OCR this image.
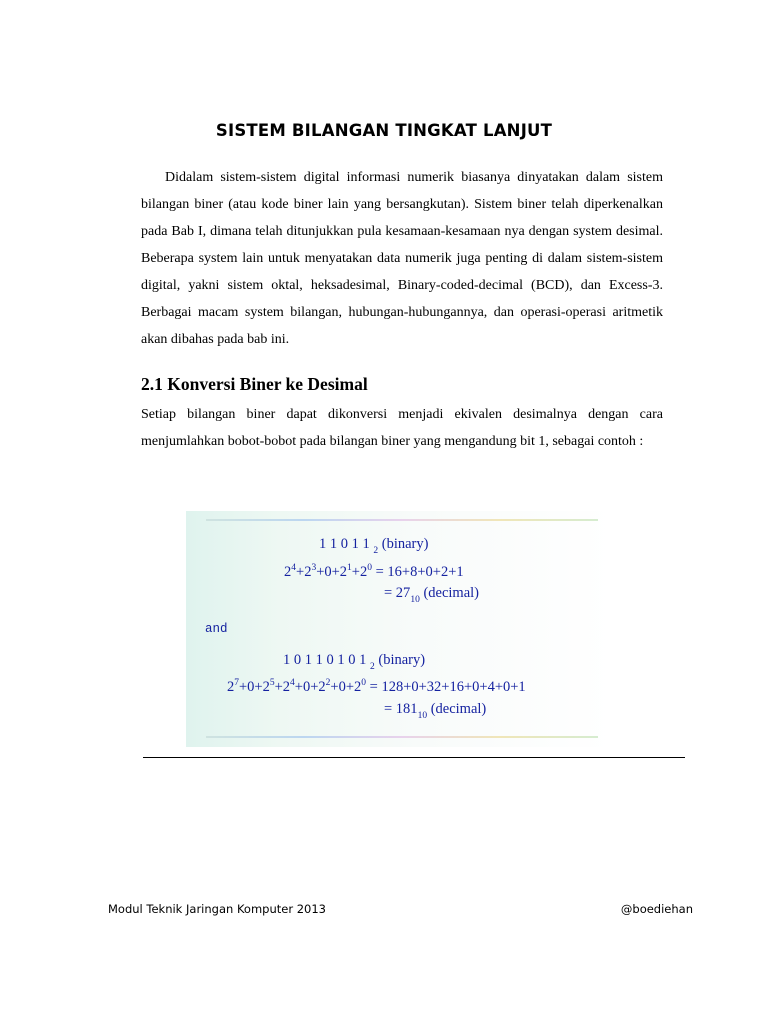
SISTEM BILANGAN TINGKAT LANJUT

Didalam sistem-sistem digital informasi numerik biasanya dinyatakan dalam sistem bilangan biner (atau kode biner lain yang bersangkutan). Sistem biner telah diperkenalkan pada Bab I, dimana telah ditunjukkan pula kesamaan-kesamaan nya dengan system desimal. Beberapa system lain untuk menyatakan data numerik juga penting di dalam sistem-sistem digital, yakni sistem oktal, heksadesimal, Binary-coded-decimal (BCD), dan Excess-3. Berbagai macam system bilangan, hubungan-hubungannya, dan operasi-operasi aritmetik akan dibahas pada bab ini.

2.1 Konversi Biner ke Desimal

Setiap bilangan biner dapat dikonversi menjadi ekivalen desimalnya dengan cara menjumlahkan bobot-bobot pada bilangan biner yang mengandung bit 1, sebagai contoh :

1 1 0 1 1 $_2$ (binary)
$2^4+2^3+0+2^1+2^0 = 16+8+0+2+1$
= $27_{10}$ (decimal)
and
1 0 1 1 0 1 0 1 $_2$ (binary)
$2^7+0+2^5+2^4+0+2^2+0+2^0 = 128+0+32+16+0+4+0+1$
= $181_{10}$ (decimal)

Modul Teknik Jaringan Komputer 2013	@boediehan
